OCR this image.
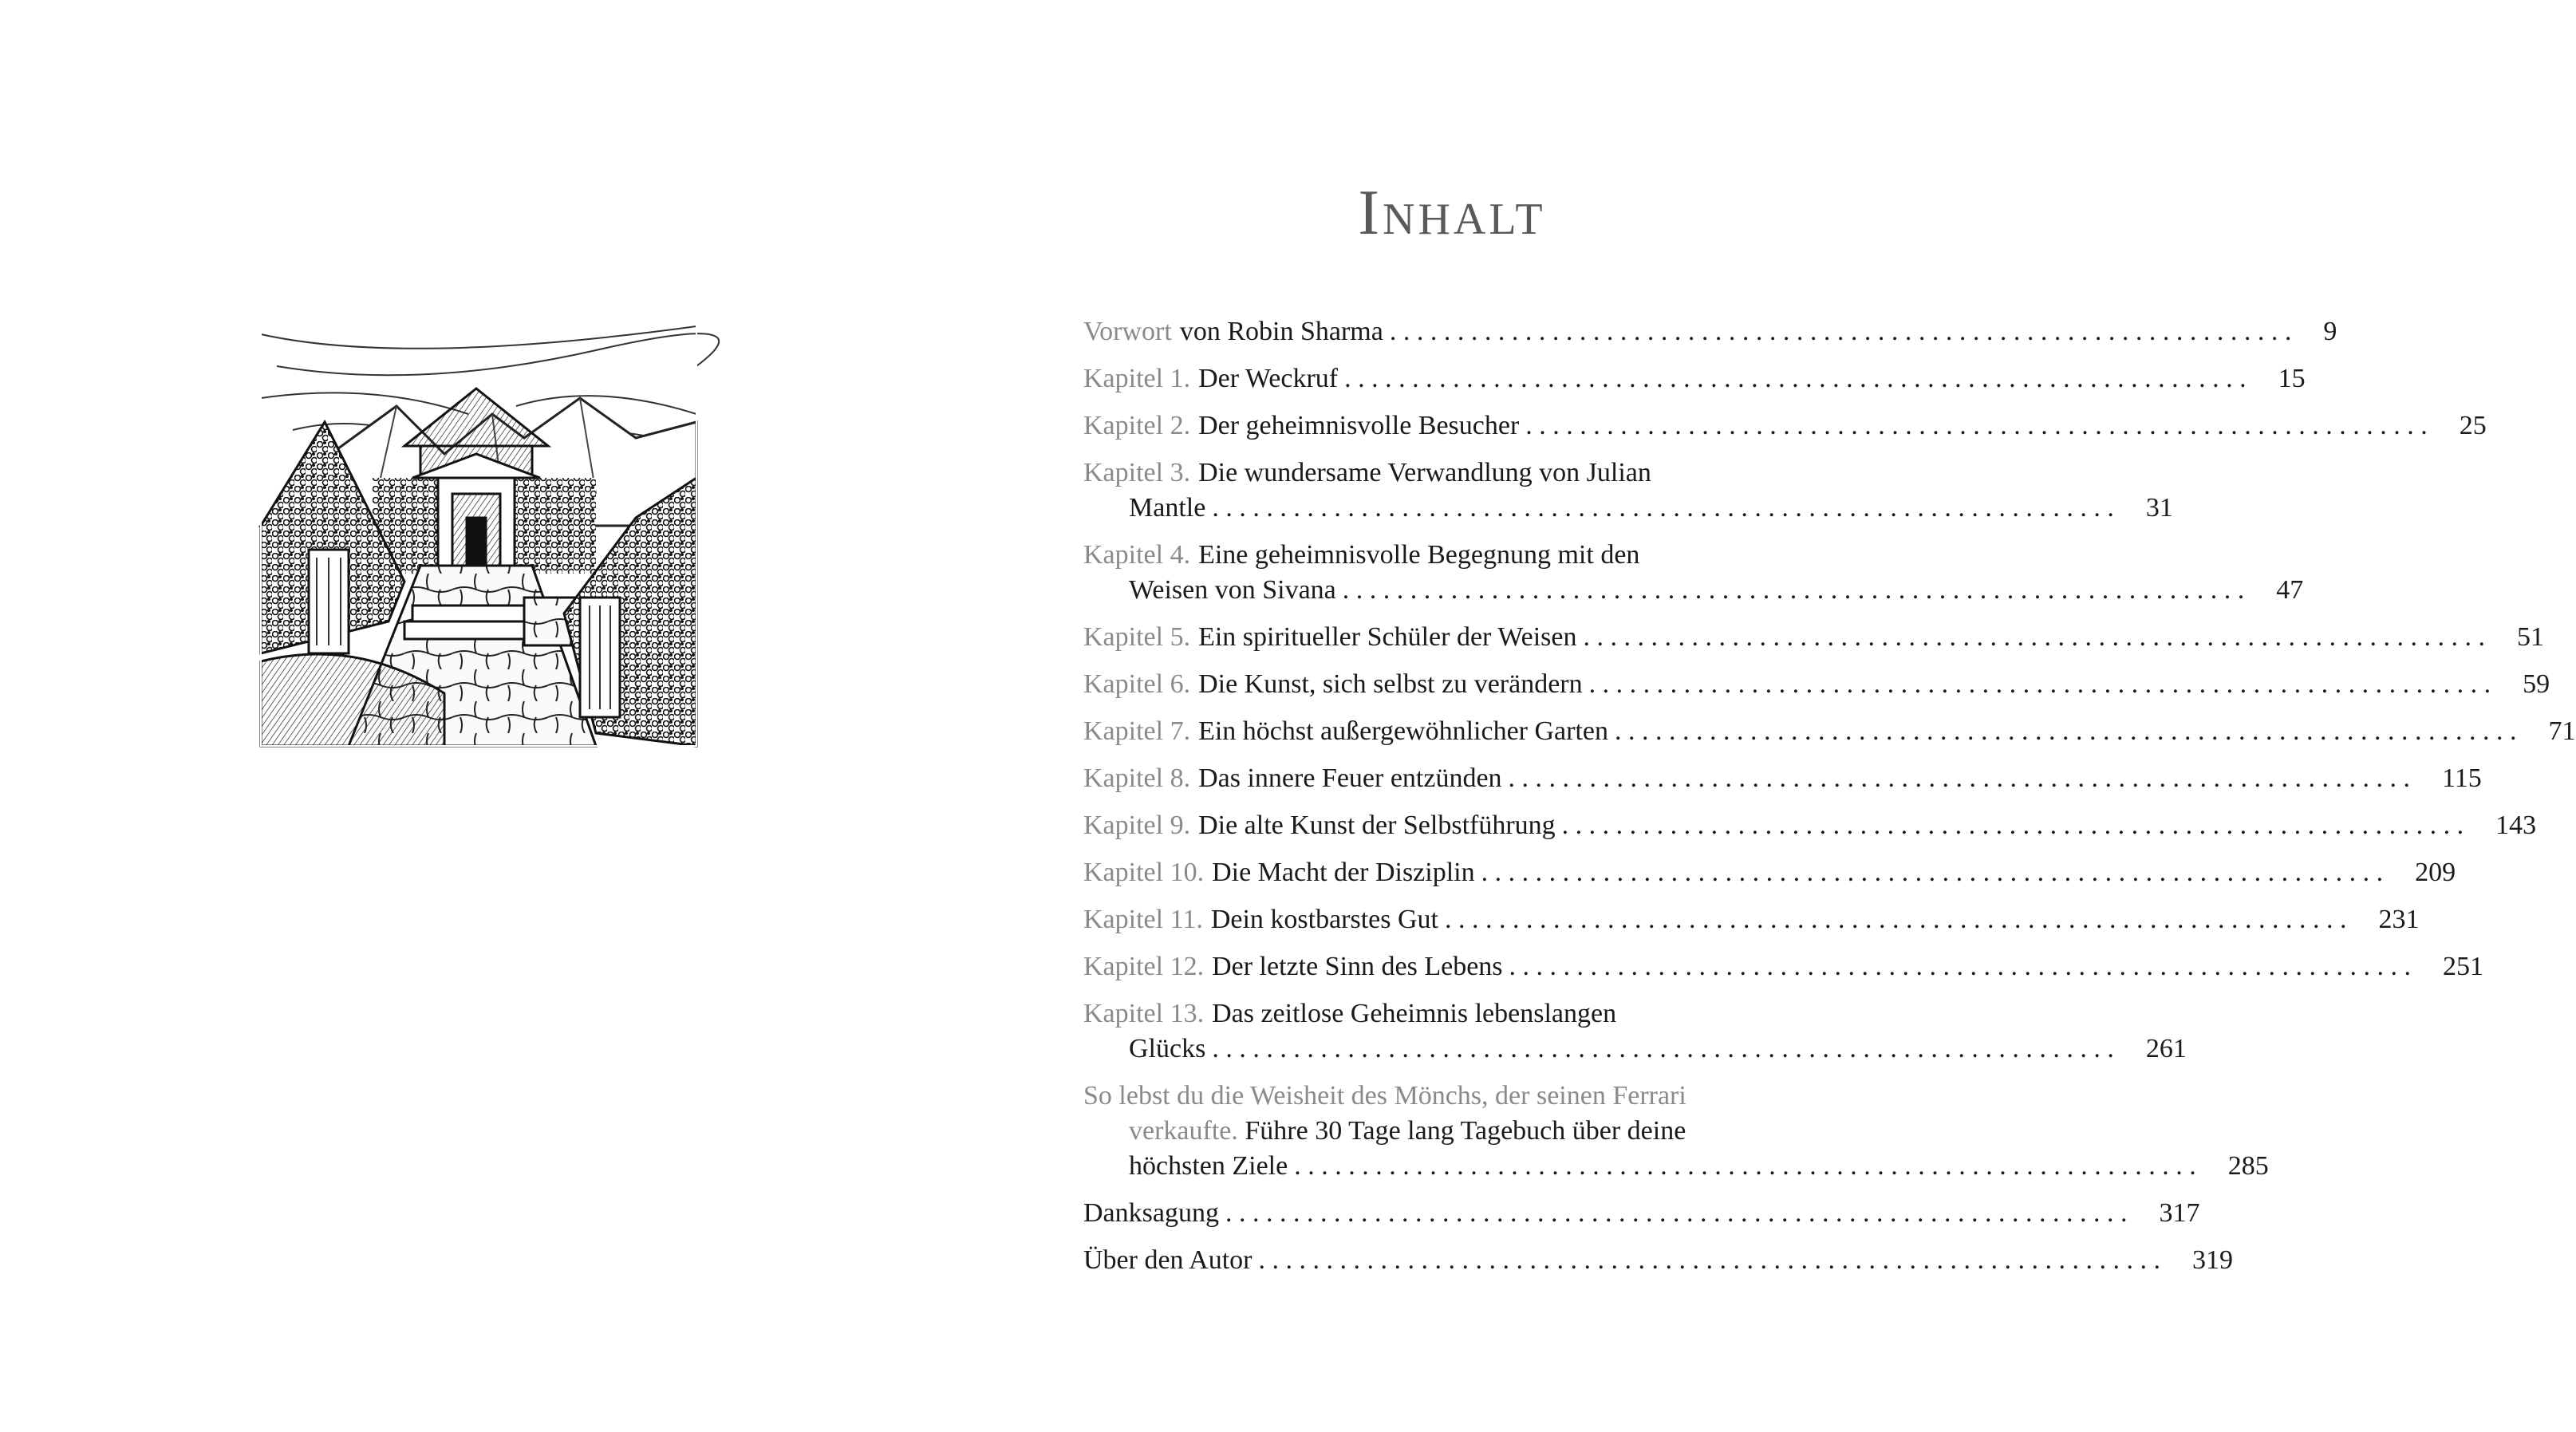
Inhalt
Vorwort von Robin Sharma . . . . . . . . . . . . . . . . . . . . . . . . . . . . . . . . . . . . . . . . . . . . . . . . . . . . . . . . . . . . . . . . . . . 9
Kapitel 1. Der Weckruf . . . . . . . . . . . . . . . . . . . . . . . . . . . . . . . . . . . . . . . . . . . . . . . . . . . . . . . . . . . . . . . . . . . 15
Kapitel 2. Der geheimnisvolle Besucher . . . . . . . . . . . . . . . . . . . . . . . . . . . . . . . . . . . . . . . . . . . . . . . . . . . . . . . . . . . . . . . . . . . 25
Kapitel 3. Die wundersame Verwandlung von Julian
Mantle . . . . . . . . . . . . . . . . . . . . . . . . . . . . . . . . . . . . . . . . . . . . . . . . . . . . . . . . . . . . . . . . . . . 31
Kapitel 4. Eine geheimnisvolle Begegnung mit den
Weisen von Sivana . . . . . . . . . . . . . . . . . . . . . . . . . . . . . . . . . . . . . . . . . . . . . . . . . . . . . . . . . . . . . . . . . . . 47
Kapitel 5. Ein spiritueller Schüler der Weisen . . . . . . . . . . . . . . . . . . . . . . . . . . . . . . . . . . . . . . . . . . . . . . . . . . . . . . . . . . . . . . . . . . . 51
Kapitel 6. Die Kunst, sich selbst zu verändern . . . . . . . . . . . . . . . . . . . . . . . . . . . . . . . . . . . . . . . . . . . . . . . . . . . . . . . . . . . . . . . . . . . 59
Kapitel 7. Ein höchst außergewöhnlicher Garten . . . . . . . . . . . . . . . . . . . . . . . . . . . . . . . . . . . . . . . . . . . . . . . . . . . . . . . . . . . . . . . . . . . 71
Kapitel 8. Das innere Feuer entzünden . . . . . . . . . . . . . . . . . . . . . . . . . . . . . . . . . . . . . . . . . . . . . . . . . . . . . . . . . . . . . . . . . . . 115
Kapitel 9. Die alte Kunst der Selbstführung . . . . . . . . . . . . . . . . . . . . . . . . . . . . . . . . . . . . . . . . . . . . . . . . . . . . . . . . . . . . . . . . . . . 143
Kapitel 10. Die Macht der Disziplin . . . . . . . . . . . . . . . . . . . . . . . . . . . . . . . . . . . . . . . . . . . . . . . . . . . . . . . . . . . . . . . . . . . 209
Kapitel 11. Dein kostbarstes Gut . . . . . . . . . . . . . . . . . . . . . . . . . . . . . . . . . . . . . . . . . . . . . . . . . . . . . . . . . . . . . . . . . . . 231
Kapitel 12. Der letzte Sinn des Lebens . . . . . . . . . . . . . . . . . . . . . . . . . . . . . . . . . . . . . . . . . . . . . . . . . . . . . . . . . . . . . . . . . . . 251
Kapitel 13. Das zeitlose Geheimnis lebenslangen
Glücks . . . . . . . . . . . . . . . . . . . . . . . . . . . . . . . . . . . . . . . . . . . . . . . . . . . . . . . . . . . . . . . . . . . 261
So lebst du die Weisheit des Mönchs, der seinen Ferrari
verkaufte.
Führe 30 Tage lang Tagebuch über deine
höchsten Ziele . . . . . . . . . . . . . . . . . . . . . . . . . . . . . . . . . . . . . . . . . . . . . . . . . . . . . . . . . . . . . . . . . . . 285
Danksagung . . . . . . . . . . . . . . . . . . . . . . . . . . . . . . . . . . . . . . . . . . . . . . . . . . . . . . . . . . . . . . . . . . . 317
Über den Autor . . . . . . . . . . . . . . . . . . . . . . . . . . . . . . . . . . . . . . . . . . . . . . . . . . . . . . . . . . . . . . . . . . . 319
